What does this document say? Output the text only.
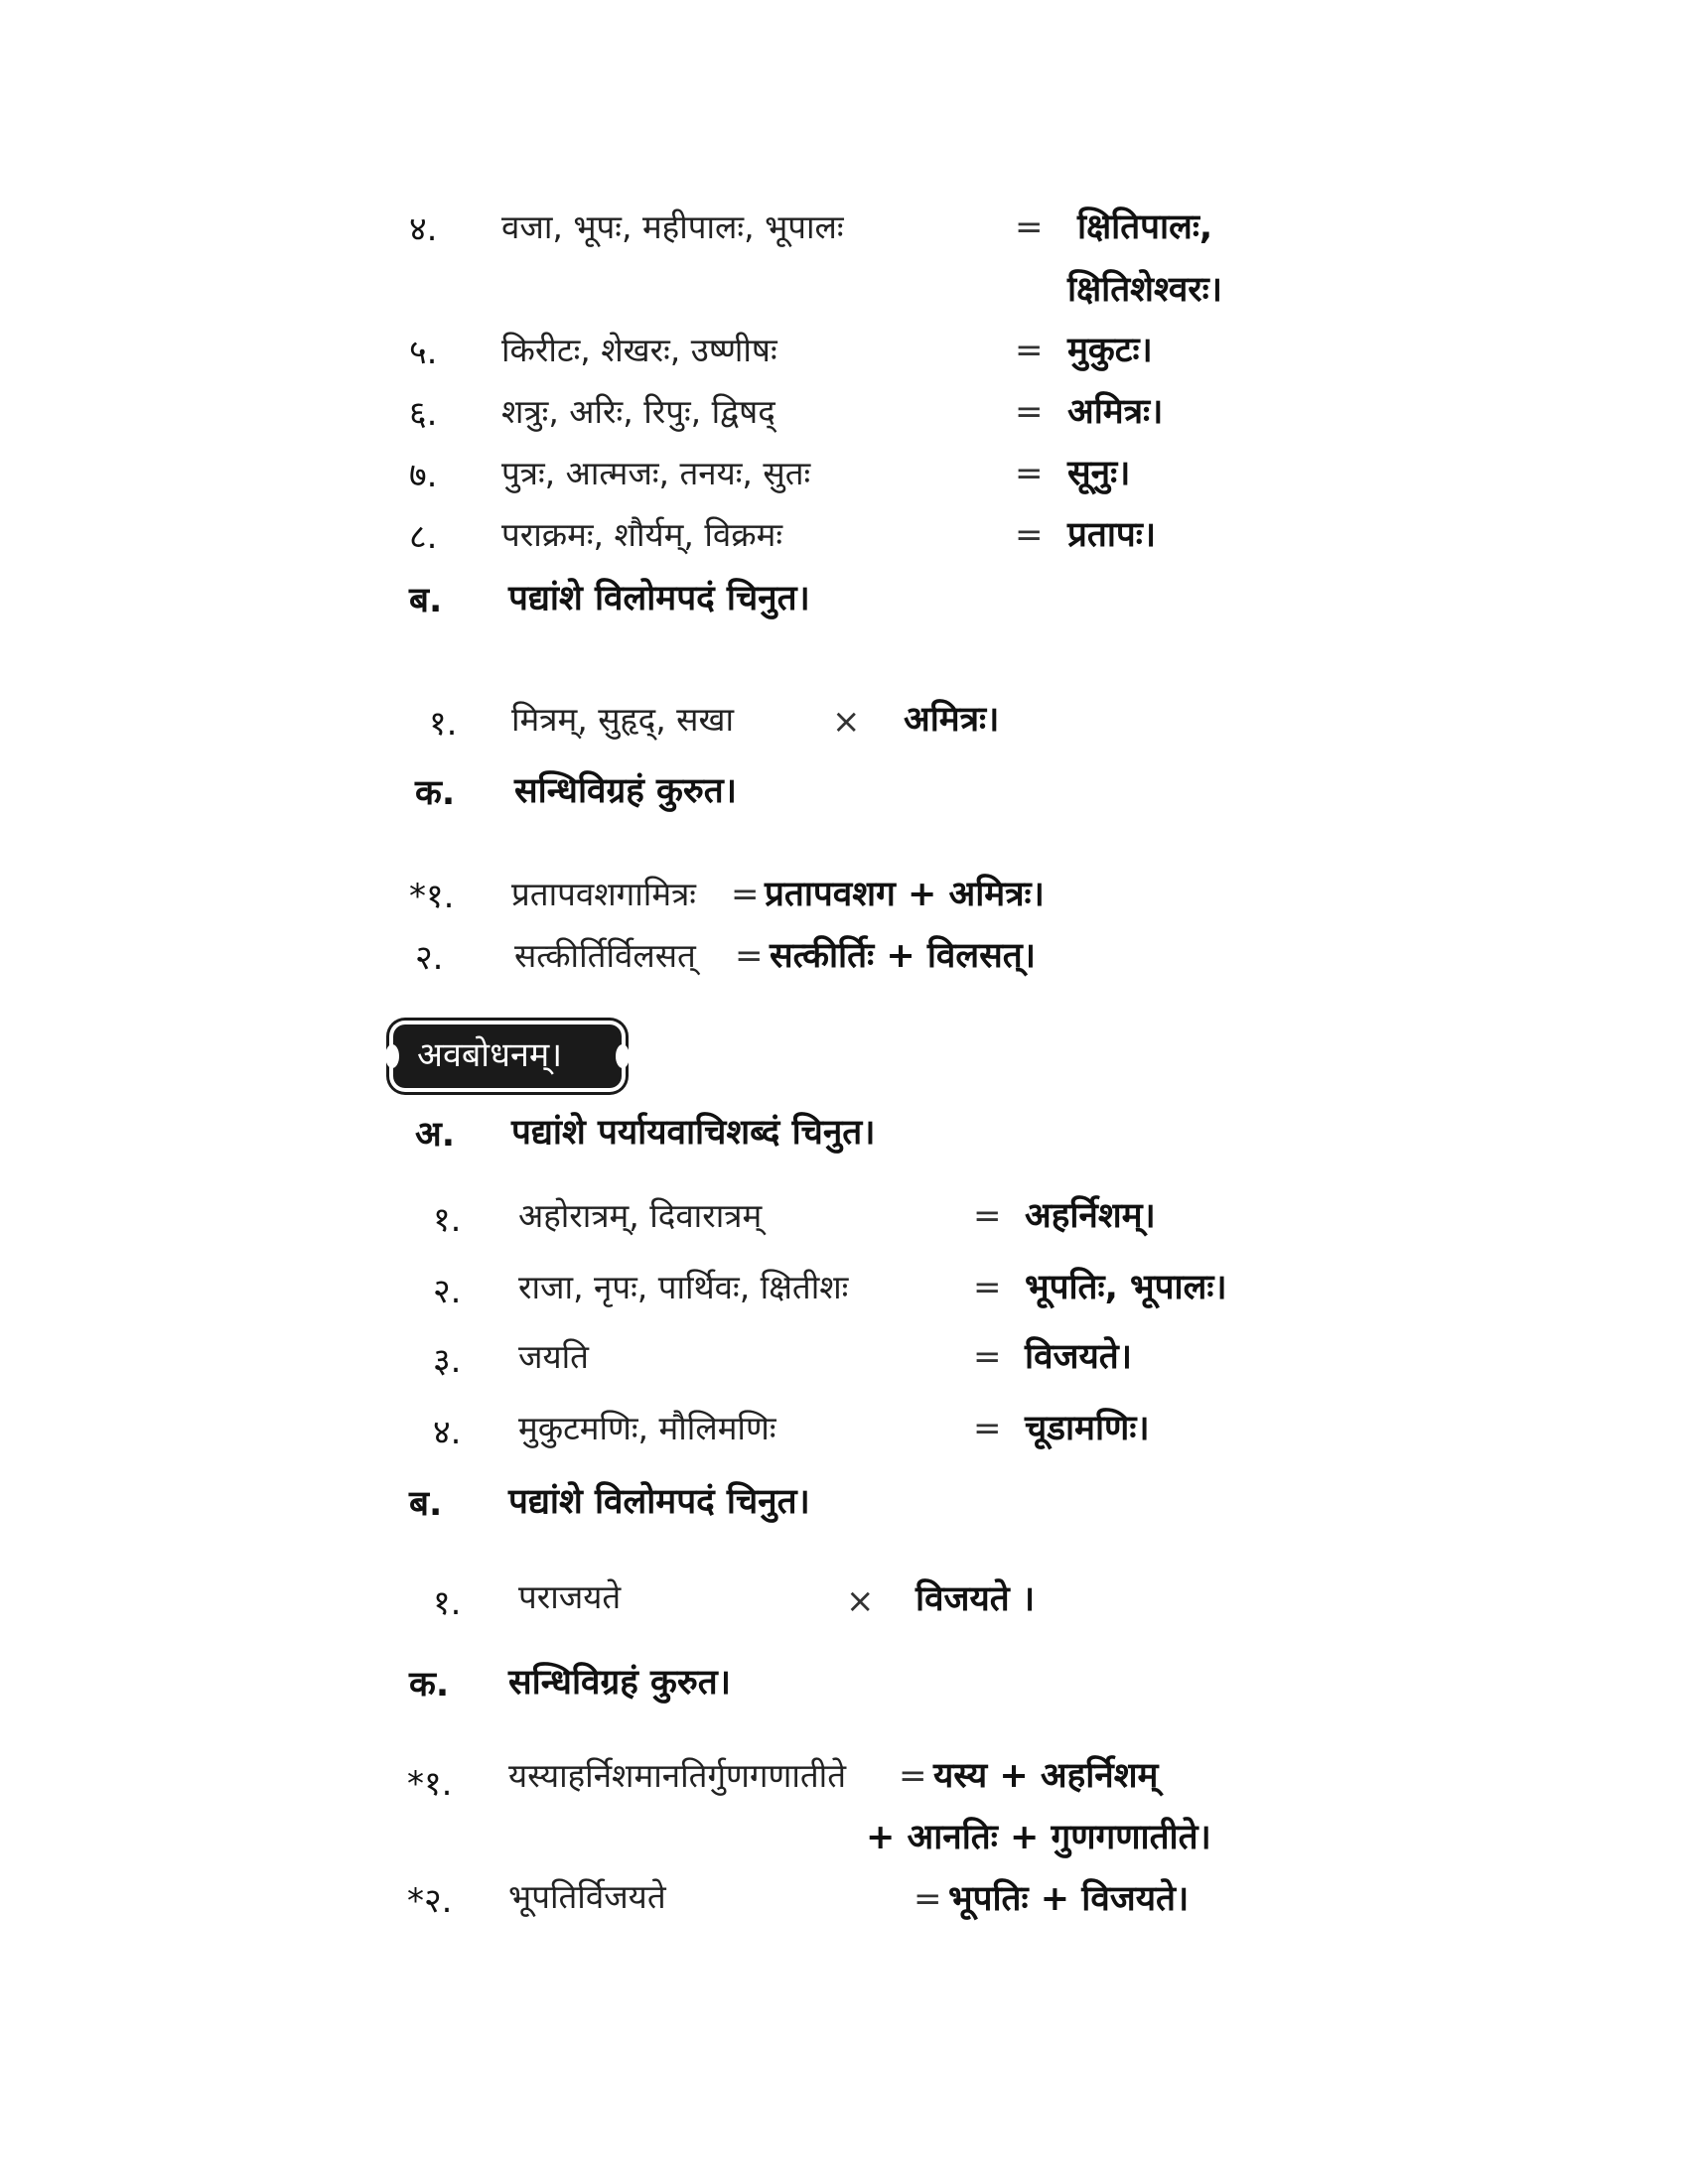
४. वजा, भूपः, महीपालः, भूपालः	= क्षितिपालः,
क्षितिशेश्वरः।
५. किरीटः, शेखरः, उष्णीषः	= मुकुटः।
६. शत्रुः, अरिः, रिपुः, द्विषद्	= अमित्रः।
७. पुत्रः, आत्मजः, तनयः, सुतः	= सूनुः।
८. पराक्रमः, शौर्यम्, विक्रमः	= प्रतापः।
ब. पद्यांशे विलोमपदं चिनुत।
१. मित्रम्, सुहृद्, सखा	× अमित्रः।
क. सन्धिविग्रहं कुरुत।
*१. प्रतापवशगामित्रः = प्रतापवशग + अमित्रः।
२. सत्कीर्तिर्विलसत् = सत्कीर्तिः + विलसत्।
अवबोधनम्।
अ. पद्यांशे पर्यायवाचिशब्दं चिनुत।
१. अहोरात्रम्, दिवारात्रम्	= अहर्निशम्।
२. राजा, नृपः, पार्थिवः, क्षितीशः	= भूपतिः, भूपालः।
३. जयति	= विजयते।
४. मुकुटमणिः, मौलिमणिः	= चूडामणिः।
ब. पद्यांशे विलोमपदं चिनुत।
१. पराजयते	× विजयते ।
क. सन्धिविग्रहं कुरुत।
*१. यस्याहर्निशमानतिर्गुणगणातीते = यस्य + अहर्निशम्
+ आनतिः + गुणगणातीते।
*२. भूपतिर्विजयते	= भूपतिः + विजयते।
